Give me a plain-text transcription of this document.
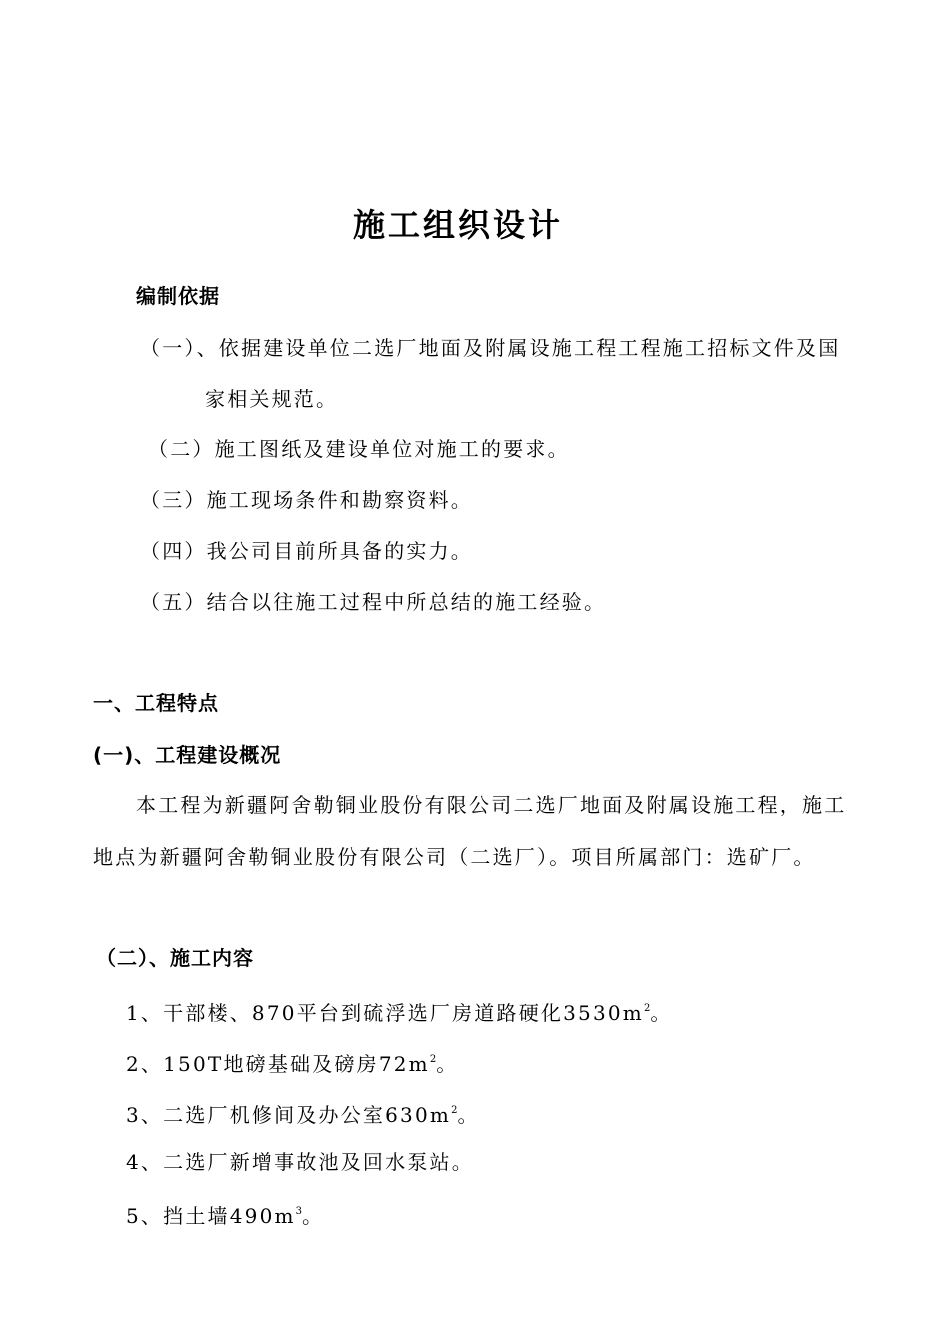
施工组织设计
编制依据
（一）、依据建设单位二选厂地面及附属设施工程工程施工招标文件及国
家相关规范。
（二）施工图纸及建设单位对施工的要求。
（三）施工现场条件和勘察资料。
（四）我公司目前所具备的实力。
（五）结合以往施工过程中所总结的施工经验。
一、工程特点
(一)、工程建设概况
本工程为新疆阿舍勒铜业股份有限公司二选厂地面及附属设施工程，施工
地点为新疆阿舍勒铜业股份有限公司（二选厂）。项目所属部门：选矿厂。
（二）、施工内容
1、干部楼、870平台到硫浮选厂房道路硬化$3530m^2$。
2、150T地磅基础及磅房$72m^2$。
3、二选厂机修间及办公室$630m^2$。
4、二选厂新增事故池及回水泵站。
5、挡土墙$490m^3$。
